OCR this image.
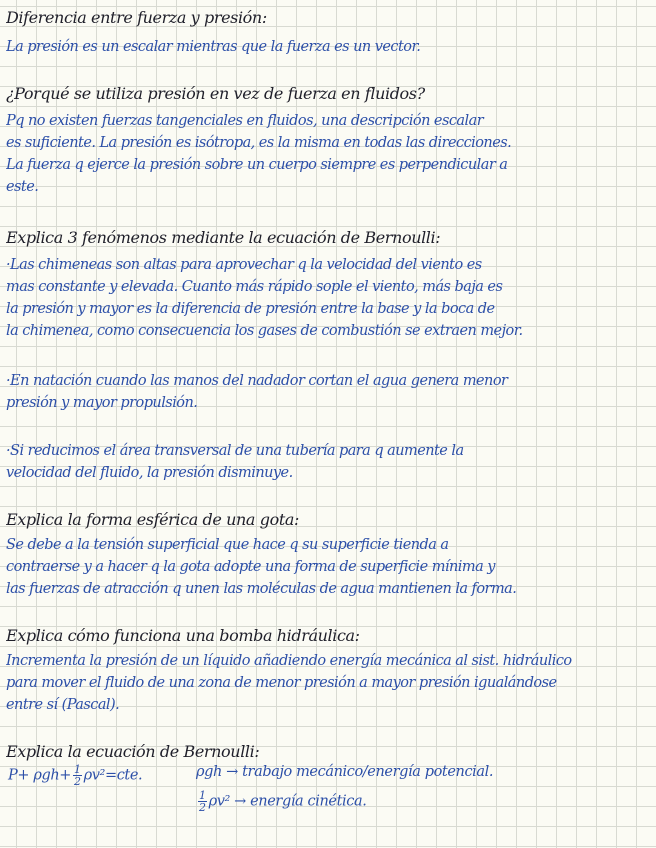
Diferencia entre fuerza y presión:

La presión es un escalar mientras que la fuerza es un vector.

¿Porqué se utiliza presión en vez de fuerza en fluidos?

Pq no existen fuerzas tangenciales en fluidos, una descripción escalar
es suficiente. La presión es isótropa, es la misma en todas las direcciones.
La fuerza q ejerce la presión sobre un cuerpo siempre es perpendicular a
este.

Explica 3 fenómenos mediante la ecuación de Bernoulli:

·Las chimeneas son altas para aprovechar q la velocidad del viento es
mas constante y elevada. Cuanto más rápido sople el viento, más baja es
la presión y mayor es la diferencia de presión entre la base y la boca de
la chimenea, como consecuencia los gases de combustión se extraen mejor.
·En natación cuando las manos del nadador cortan el agua genera menor
presión y mayor propulsión.
·Si reducimos el área transversal de una tubería para q aumente la
velocidad del fluido, la presión disminuye.

Explica la forma esférica de una gota:

Se debe a la tensión superficial que hace q su superficie tienda a
contraerse y a hacer q la gota adopte una forma de superficie mínima y
las fuerzas de atracción q unen las moléculas de agua mantienen la forma.

Explica cómo funciona una bomba hidráulica:

Incrementa la presión de un líquido añadiendo energía mecánica al sist. hidráulico
para mover el fluido de una zona de menor presión a mayor presión igualándose
entre sí (Pascal).

Explica la ecuación de Bernoulli:

$P+ \rho gh+ \frac{1}{2} \rho v^2=cte$.	ρgh → trabajo mecánico/energía potencial.
$\frac{1}{2} \rho v^2$ → energía cinética.
